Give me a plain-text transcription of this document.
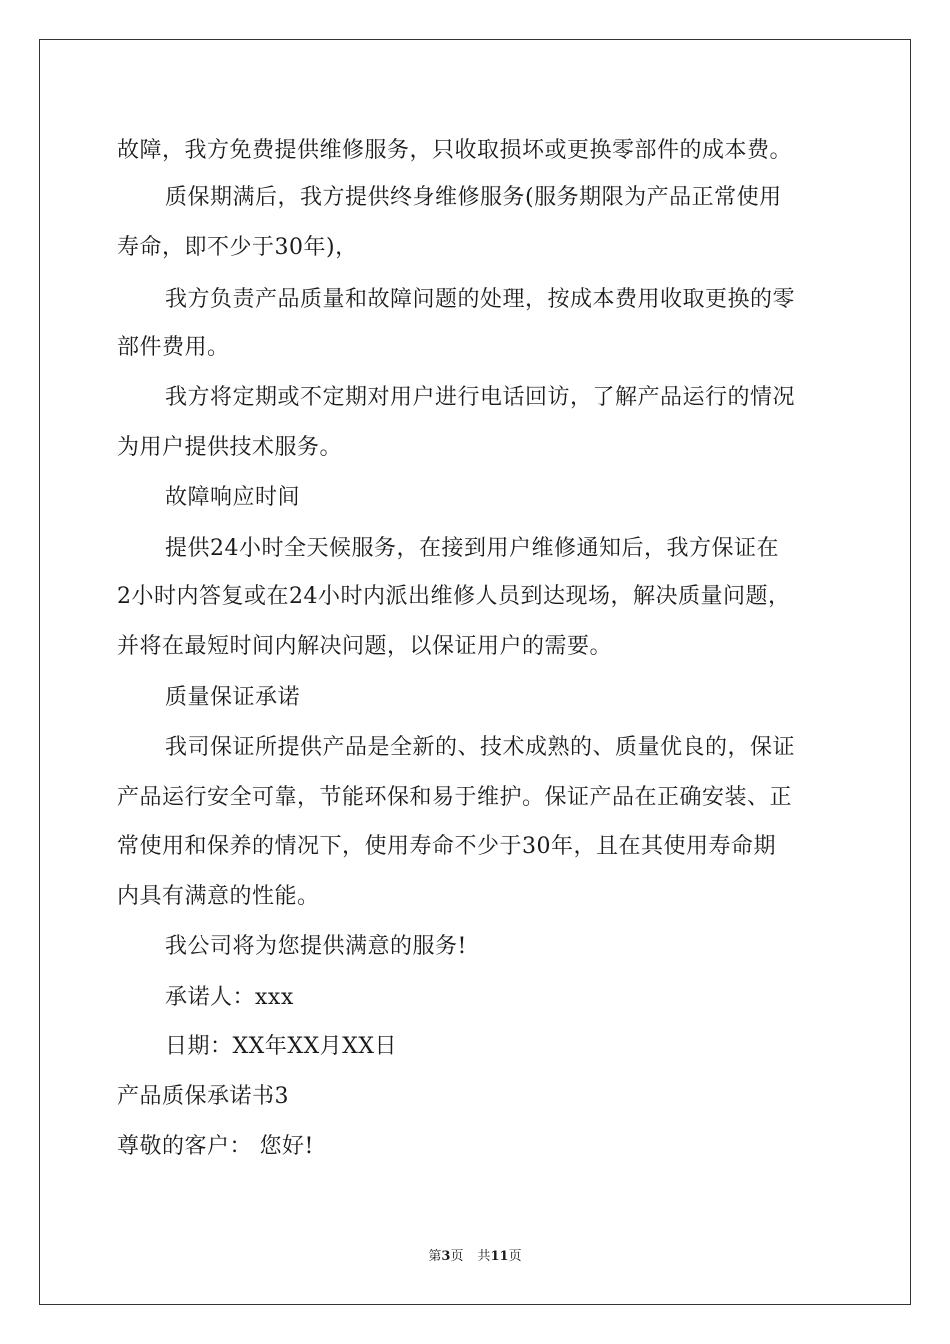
故障，我方免费提供维修服务，只收取损坏或更换零部件的成本费。
质保期满后，我方提供终身维修服务(服务期限为产品正常使用
寿命，即不少于30年)，
我方负责产品质量和故障问题的处理，按成本费用收取更换的零
部件费用。
我方将定期或不定期对用户进行电话回访，了解产品运行的情况
为用户提供技术服务。
故障响应时间
提供24小时全天候服务，在接到用户维修通知后，我方保证在
2小时内答复或在24小时内派出维修人员到达现场，解决质量问题，
并将在最短时间内解决问题，以保证用户的需要。
质量保证承诺
我司保证所提供产品是全新的、技术成熟的、质量优良的，保证
产品运行安全可靠，节能环保和易于维护。保证产品在正确安装、正
常使用和保养的情况下，使用寿命不少于30年，且在其使用寿命期
内具有满意的性能。
我公司将为您提供满意的服务!
承诺人：xxx
日期：XX年XX月XX日
产品质保承诺书3
尊敬的客户： 您好!
第3页 共11页
